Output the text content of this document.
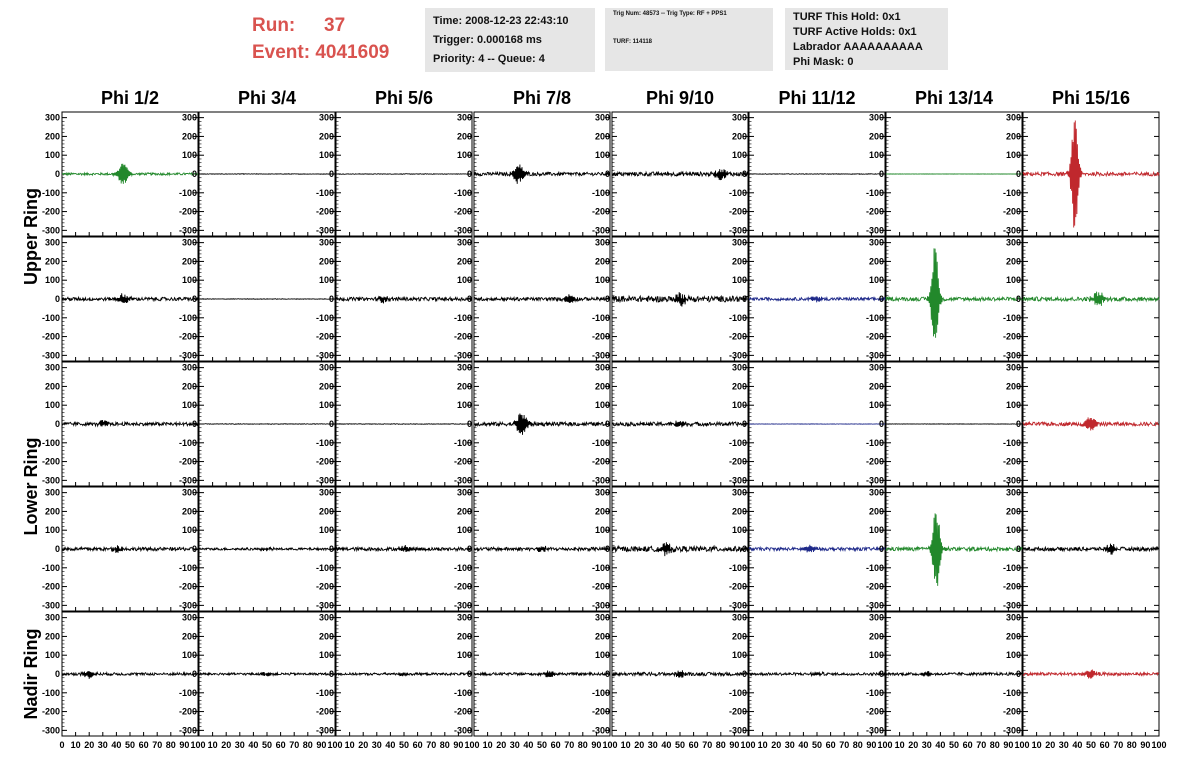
Run: 37
Event: 4041609
Time: 2008-12-23 22:43:10
Trigger: 0.000168 ms
Priority: 4 -- Queue: 4
Trig Num: 48573 -- Trig Type: RF + PPS1
TURF: 114118
TURF This Hold: 0x1
TURF Active Holds: 0x1
Labrador AAAAAAAAAA
Phi Mask: 0
Phi 1/2	Phi 3/4	Phi 5/6	Phi 7/8	Phi 9/10	Phi 11/12	Phi 13/14	Phi 15/16
Upper Ring
Lower Ring
Nadir Ring
-300
-200
-100
0
100
200
300
-300
-200
-100
0
100
200
300
-300
-200
-100
0
100
200
300
-300
-200
-100
0
100
200
300
-300
-200
-100
0
100
200
300
-300
-200
-100
0
100
200
300
-300
-200
-100
0
100
200
300
-300
-200
-100
0
100
200
300
-300
-200
-100
0
100
200
300
-300
-200
-100
0
100
200
300
-300
-200
-100
0
100
200
300
-300
-200
-100
0
100
200
300
-300
-200
-100
0
100
200
300
-300
-200
-100
0
100
200
300
-300
-200
-100
0
100
200
300
-300
-200
-100
0
100
200
300
-300
-200
-100
0
100
200
300
-300
-200
-100
0
100
200
300
-300
-200
-100
0
100
200
300
-300
-200
-100
0
100
200
300
-300
-200
-100
0
100
200
300
-300
-200
-100
0
100
200
300
-300
-200
-100
0
100
200
300
-300
-200
-100
0
100
200
300
-300
-200
-100
0
100
200
300
-300
-200
-100
0
100
200
300
-300
-200
-100
0
100
200
300
-300
-200
-100
0
100
200
300
-300
-200
-100
0
100
200
300
-300
-200
-100
0
100
200
300
-300
-200
-100
0
100
200
300
-300
-200
-100
0
100
200
300
-300
-200
-100
0
100
200
300
-300
-200
-100
0
100
200
300
-300
-200
-100
0
100
200
300
-300
-200
-100
0
100
200
300
-300
-200
-100
0
100
200
300
-300
-200
-100
0
100
200
300
-300
-200
-100
0
100
200
300
-300
-200
-100
0
100
200
300
0 10 20 30 40 50 60 70 80 90 100 10 20 30 40 50 60 70 80 90 100 10 20 30 40 50 60 70 80 90 100 10 20 30 40 50 60 70 80 90 100 10 20 30 40 50 60 70 80 90 100 10 20 30 40 50 60 70 80 90 100 10 20 30 40 50 60 70 80 90 100 10 20 30 40 50 60 70 80 90 100
